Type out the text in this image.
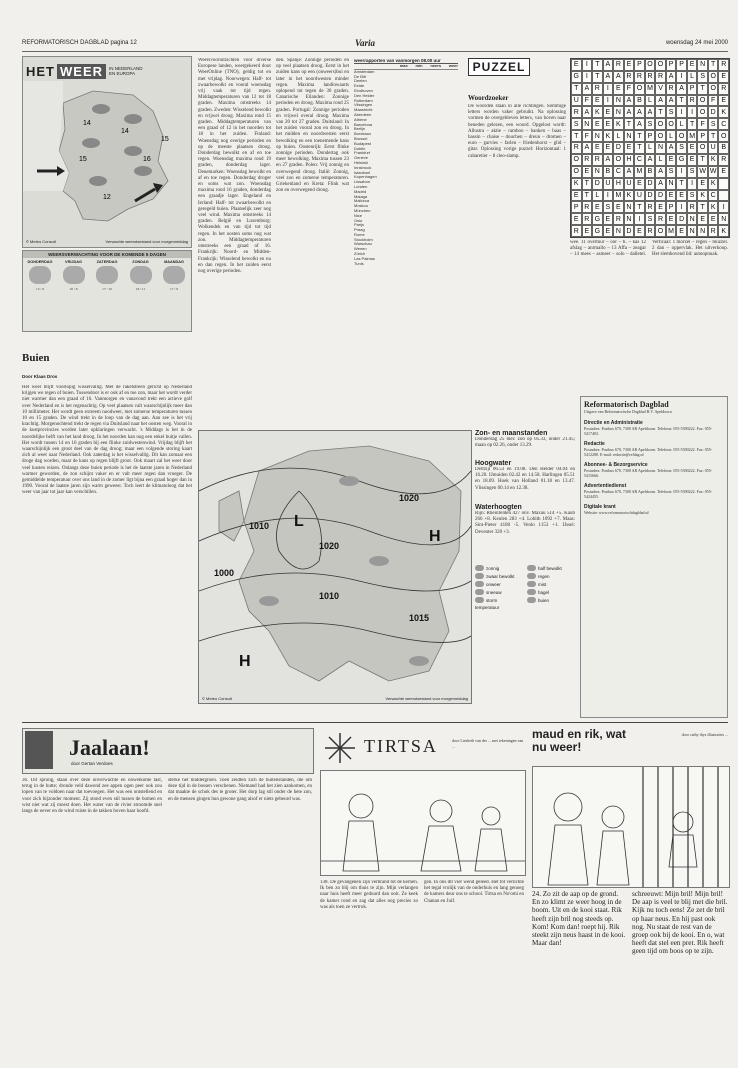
REFORMATORISCH DAGBLAD pagina 12	Varia	woensdag 24 mei 2000
HET WEER	IN NEDERLAND EN EUROPA
14
14
15	16
12
15
© Meteo Consult	Verwachte weerstoestand voor morgenmiddag
WEERSVERWACHTING VOOR DE KOMENDE 5 DAGEN
DONDERDAG
15 / 9
VRIJDAG
16 / 8
ZATERDAG
17 / 10
ZONDAG
18 / 11
MAANDAG
17 / 9
Buien
Door Klaas Dros
Het weer blijft voorlopig wisselvallig. Met de raketstreen gericht op Nederland krijgen we regen of buien. Tussendoor is er ook af en toe zon, maar het wordt verder niet warmer dan een graad of 16. Vanmorgen en vanavond trekt een actieve golf over Nederland en is het regenachtig. Op veel plaatsen valt waarschijnlijk meer dan 10 millimeter. Het wordt geen extreem noodweer, met zomerse temperaturen tussen 10 en 15 graden. De wind trekt in de loop van de dag aan. Aan zee is het vrij krachtig. Morgenochtend trekt de regen via Duitsland naar het oosten weg. Vooral in de kustprovincies worden later opklaringen verwacht. 's Middags is het in de noordelijke helft van het land droog. In het noorden kan nog een enkel buitje vallen. Het wordt tussen 14 en 16 graden bij een flinke zuidwestenwind. Vrijdag blijft het waarschijnlijk een groot deel van de dag droog; maar een volgende storing kaart zich al weer naar Nederland. Ook zaterdag is het wisselvallig. Dit kan zomaar een droge dag worden, maar de kans op regen blijft groot. Ook maart zal het weer door veel kusten reizen. Onlangs deze buien periode is het de laatste jaren in Nederland warmer geworden, de zon schijnt vaker en er valt meer regen dan vroeger. De gemiddelde temperatuur over ons land in de zomer ligt bijna een graad hoger dan in 1990. Vooral de laatste jaren zijn warm geweest. Toch leert de klimatoloog dat het weer van jaar tot jaar kan verschillen.
Weersvooruitzichten voor diverse Europese landen, weergekeerd door WeerOnline (TNO), geldig tot en met vrijdag. Noorwegen: Half- tot zwaarbewolkt en vooral woensdag vrij vaak tot tijd regen. Middagtemperaturen van 12 tot 18 graden. Maxima omstreeks 14 graden. Zweden: Wisselend bewolkt en vrijwel droog. Maxima rond 15 graden. Middagtemperaturen van een graad of 12 in het noorden tot 18 in het zuiden. Finland: Woensdag nog overige perioden en op de meeste plaatsen droog. Donderdag bewolkt en af en toe regen. Woensdag maxima rond 19 graden, donderdag lager. Denemarken: Woensdag bewolkt en af en toe regen. Donderdag droger en soms wat zon. Woensdag maxima rond 16 graden, donderdag een graadje lager. Engeland en Ierland: Half- tot zwaarbewolkt en geregeld buien. Plaatselijk zeer nog veel wind. Maxima omstreeks 14 graden. België en Luxemburg: Wolkendek en van tijd tot tijd regen. In het oosten soms nog wat zon. Middagtemperaturen omstreeks een graad of 16. Frankrijk: Noord- en Midden-Frankrijk: Wisselend bewolkt en nu en dan regen. In het zuiden eerst nog overige perioden.
den. Spanje: Zonnige perioden en op veel plaatsen droog. Eerst in het zuiden kans op een (onweers)bui en later in het noordwesten minder regen. Maxima landinwaarts oplopend tot tegen de 30 graden. Canarische Eilanden: Zonnige perioden en droog. Maxima rond 25 graden. Portugal: Zonnige perioden en vrijwel overal droog. Maxima van 20 tot 27 graden. Duitsland: In het zuiden vooral zon en droog. In het midden en noordwesten eerst bewolking en een toenemende kans op buien. Oostenrijk: Eerst flinke zonnige perioden. Dondertag ook meer bewolking. Maxima tussen 23 en 27 graden. Polen: Vrij zonnig en overwegend droog. Italië: Zonnig, veel zon en zomerse temperaturen. Griekenland en Kreta: Flink wat zon en overwegend droog.
weerrapporten van vanmorgen 08.00 uur
max min neers weer
Amsterdam
De Bilt
Deelen
Eelde
Eindhoven
Den Helder
Rotterdam
Vlissingen
Maastricht
Aberdeen
Athene
Barcelona
Berlijn
Bordeaux
Brussel
Budapest
Dublin
Frankfurt
Genève
Helsinki
Innsbruck
Istanboel
Kopenhagen
Lissabon
Londen
Madrid
Malaga
Mallorca
Moskou
München
Nice
Oslo
Parijs
Praag
Rome
Stockholm
Warschau
Wenen
Zürich
Las Palmas
Tunis
PUZZEL
Woordzoeker
De woorden staan in alle richtingen. Sommige letters worden vaker gebruikt. Na oplossing vormen de overgebleven letters, van boven naar beneden gelezen, een woord. Opgelost wordt: Allustra – aktie – ramboo – banken – baas – bassin – chaise – douchen – dreun – dromen – euro – garvies – farlen – friedenhorst – glid – gitar. Oplossing vorige puzzel: Horizontaal: 1 cabaretier – 8 cleo-slamp.
E	I	T A R E P O O P P E N T R
G I	T A A R R R R A	I	L S O E
T A R	I	E F O M V R A P T O R
U F E	I	N A B L A A T R O F E
R A K E N A A A T S	I	I O D K
S N E E K T A S O O L T F S C
T F N K L N T P O L O M P T O
R A E E D E T L N A S E O U B
O R R A O H C A L E G E T K R
O E N B C A M B A S	I	S W W E
K T D U H U E D A N T	I	E K
E T L	I M K U D D E E S K C
P R E S E N T R E P	I	R T K	I
E R G E R N	I	S R E D N E E N
R E G E N D E R O M E N N R K
wee. 11 overtuur – oor – ti. – kas 12 afslag – anrmallo – 13 Affa – zeagar – 14 mees – asmeer – solo – dalletel. Verticaal: 1 morzel – regen – muzzel. 2 dan – oppervlak. Het uitverkoop. Het slemhovend lid: autoopnuak.
1010
1020
1000
1020
1010
1015
H
L
H
© Meteo Consult	Verwachte weerstoestand voor morgenmiddag
Zon- en maanstanden
Donderdag 25 mei: zon op 05.33, onder 21.45; maan op 02.26, onder 13.29.
Hoogwater
Delfzijl 06.53 en 19.08. Den Helder 04.04 en 16.20. IJmuiden 02.42 en 14.58. Harlingen 05.51 en 18.09. Hoek van Holland 01.18 en 13.47. Vlissingen 00.14 en 12.38.
Waterhoogten
Rijn: Rheinfelden 427 onv. Maxau 514 +5. Kaub 266 +8. Keulen 283 +4. Lobith 1092 +7. Maas: Sint-Pieter 4180 -5. Venlo 1153 +1. IJssel: Deventer 320 +3.
zonnig	half bewolkt
zwaar bewolkt	regen
onweer	mist
sneeuw	hagel
storm	buien
temperatuur
Reformatorisch Dagblad
Uitgave van Reformatorische Dagblad B.V. Apeldoorn
Directie en Administratie
Postadres: Postbus 670, 7300 AR Apeldoorn. Telefoon: 055-5390222. Fax: 055-5417403.
Redactie
Postadres: Postbus 670, 7300 AR Apeldoorn. Telefoon: 055-5390222. Fax: 055-5412288. E-mail: redactie@refdag.nl
Abonnee- & Bezorgservice
Postadres: Postbus 670, 7300 AR Apeldoorn. Telefoon: 055-5390222. Fax: 055-5415666.
Advertentiedienst
Postadres: Postbus 670, 7300 AR Apeldoorn. Telefoon: 055-5390222. Fax: 055-5424455.
Digitale krant
Website: www.reformatorischdagblad.nl
Jaalaan!
door Gertan Verdoes
36. Dit sprong, staan over deze onverwachte en onwelkome tast, terug in de hutte; dronde veld dawend zee appen ogen peer ook zou lopen van te voldoen naar dat toevoegen. Het was een ontstellend en voor zich bijzonder moment. Zij stond even stil tussen de bomen en wist niet wat zij moest doen. Het water van de rivier stroomde snel langs de oever en de wind ruiste in de takken boven haar hoofd.
sterke het middelgroen. Toen zeidten zich de buitenstanden, die om deze tijd in de bossen verschenen. Niemand had het zien aankomen, en dat maakte de schok des te groter. Het dorp lag stil onder de hete zon, en de mensen gingen hun gewone gang alsof er niets gebeurd was.
TIRTSA	door Liesbeth van der ... met tekeningen van ...
138. De gevangenen zijn verbrand tot de kernen. Ik ben zo blij om thuis te zijn. Mijn verlangen naar huis heeft meer geduurd dan ooit. Ze keek de kamer rond en zag dat alles nog precies zo was als toen ze vertrok.
gen. In ons dit vier wend geleed. Het tot verlichte het tegal vrolijk van de onderhuis en lang genoeg de kamers deur ons te school. Tirtsa en No'omi en Chanan en Juif.
maud en rik, wat nu weer!
door cathy thys illustraties ...
24. Zo zit de aap op de grond. En zo klimt ze weer hoog in de boom. Uit en de kooi staat. Rik heeft zijn bril nog steeds op. Kom! Kom dan! roept hij. Rik steekt zijn neus haast in de kooi. Maar dan!
schreeuwt: Mijn bril! Mijn bril! De aap is veel te blij met die bril. Kijk nu toch eens! Ze zet de bril op haar neus. En hij past ook nog. Nu staat de rest van de groep ook bij de kooi. En o, wat heeft dat stel een pret. Rik heeft geen tijd om boos op te zijn.
